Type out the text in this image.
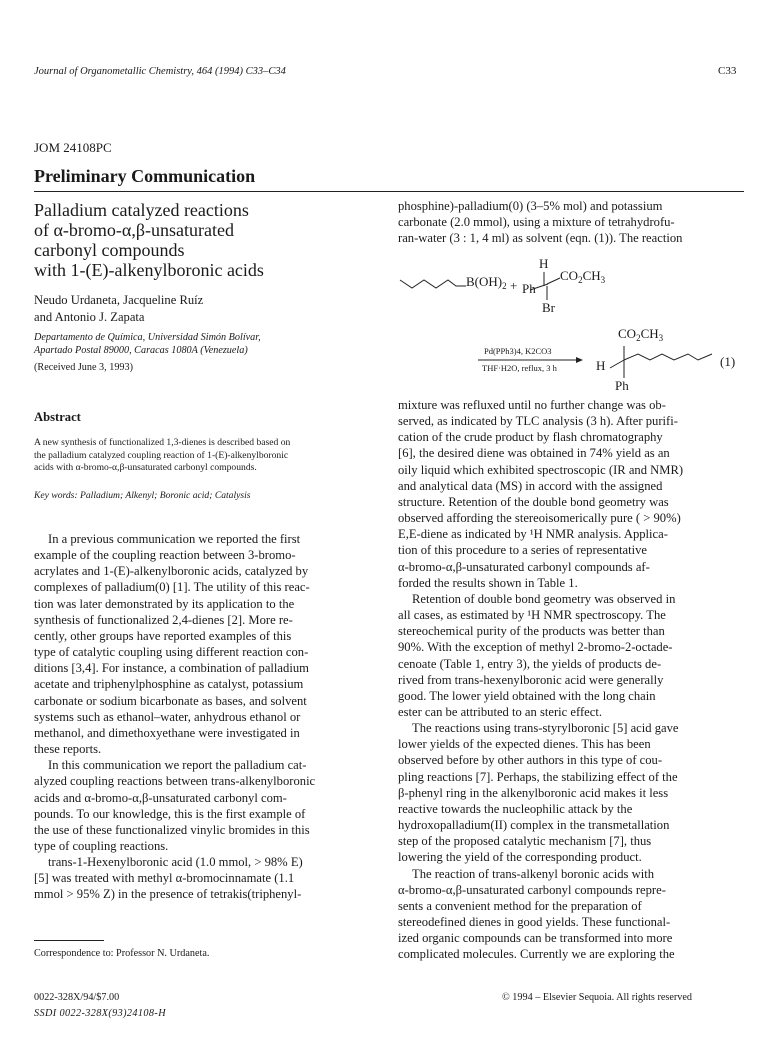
Journal of Organometallic Chemistry, 464 (1994) C33–C34	C33
JOM 24108PC
Preliminary Communication
Palladium catalyzed reactions
of α-bromo-α,β-unsaturated
carbonyl compounds
with 1-(E)-alkenylboronic acids
Neudo Urdaneta, Jacqueline Ruíz
and Antonio J. Zapata
Departamento de Química, Universidad Simón Bolívar,
Apartado Postal 89000, Caracas 1080A (Venezuela)
(Received June 3, 1993)
Abstract
A new synthesis of functionalized 1,3-dienes is described based on
the palladium catalyzed coupling reaction of 1-(E)-alkenylboronic
acids with α-bromo-α,β-unsaturated carbonyl compounds.
Key words: Palladium; Alkenyl; Boronic acid; Catalysis

In a previous communication we reported the first

example of the coupling reaction between 3-bromo-

acrylates and 1-(E)-alkenylboronic acids, catalyzed by

complexes of palladium(0) [1]. The utility of this reac-

tion was later demonstrated by its application to the

synthesis of functionalized 2,4-dienes [2]. More re-

cently, other groups have reported examples of this

type of catalytic coupling using different reaction con-

ditions [3,4]. For instance, a combination of palladium

acetate and triphenylphosphine as catalyst, potassium

carbonate or sodium bicarbonate as bases, and solvent

systems such as ethanol–water, anhydrous ethanol or

methanol, and dimethoxyethane were investigated in

these reports.

In this communication we report the palladium cat-

alyzed coupling reactions between trans-alkenylboronic

acids and α-bromo-α,β-unsaturated carbonyl com-

pounds. To our knowledge, this is the first example of

the use of these functionalized vinylic bromides in this

type of coupling reactions.

trans-1-Hexenylboronic acid (1.0 mmol, > 98% E)

[5] was treated with methyl α-bromocinnamate (1.1

mmol > 95% Z) in the presence of tetrakis(triphenyl-

Correspondence to: Professor N. Urdaneta.
0022-328X/94/$7.00
SSDI 0022-328X(93)24108-H
© 1994 – Elsevier Sequoia. All rights reserved

phosphine)-palladium(0) (3–5% mol) and potassium

carbonate (2.0 mmol), using a mixture of tetrahydrofu-

ran-water (3 : 1, 4 ml) as solvent (eqn. (1)). The reaction

$B(OH)_2 + Ph$
H
$CO_2CH_3$
Br
Pd(PPh3)4, K2CO3
THF·H2O, reflux, 3 h
$CO_2CH_3$
H
Ph
(1)

mixture was refluxed until no further change was ob-

served, as indicated by TLC analysis (3 h). After purifi-

cation of the crude product by flash chromatography

[6], the desired diene was obtained in 74% yield as an

oily liquid which exhibited spectroscopic (IR and NMR)

and analytical data (MS) in accord with the assigned

structure. Retention of the double bond geometry was

observed affording the stereoisomerically pure ( > 90%)

E,E-diene as indicated by ¹H NMR analysis. Applica-

tion of this procedure to a series of representative

α-bromo-α,β-unsaturated carbonyl compounds af-

forded the results shown in Table 1.

Retention of double bond geometry was observed in

all cases, as estimated by ¹H NMR spectroscopy. The

stereochemical purity of the products was better than

90%. With the exception of methyl 2-bromo-2-octade-

cenoate (Table 1, entry 3), the yields of products de-

rived from trans-hexenylboronic acid were generally

good. The lower yield obtained with the long chain

ester can be attributed to an steric effect.

The reactions using trans-styrylboronic [5] acid gave

lower yields of the expected dienes. This has been

observed before by other authors in this type of cou-

pling reactions [7]. Perhaps, the stabilizing effect of the

β-phenyl ring in the alkenylboronic acid makes it less

reactive towards the nucleophilic attack by the

hydroxopalladium(II) complex in the transmetallation

step of the proposed catalytic mechanism [7], thus

lowering the yield of the corresponding product.

The reaction of trans-alkenyl boronic acids with

α-bromo-α,β-unsaturated carbonyl compounds repre-

sents a convenient method for the preparation of

stereodefined dienes in good yields. These functional-

ized organic compounds can be transformed into more

complicated molecules. Currently we are exploring the
